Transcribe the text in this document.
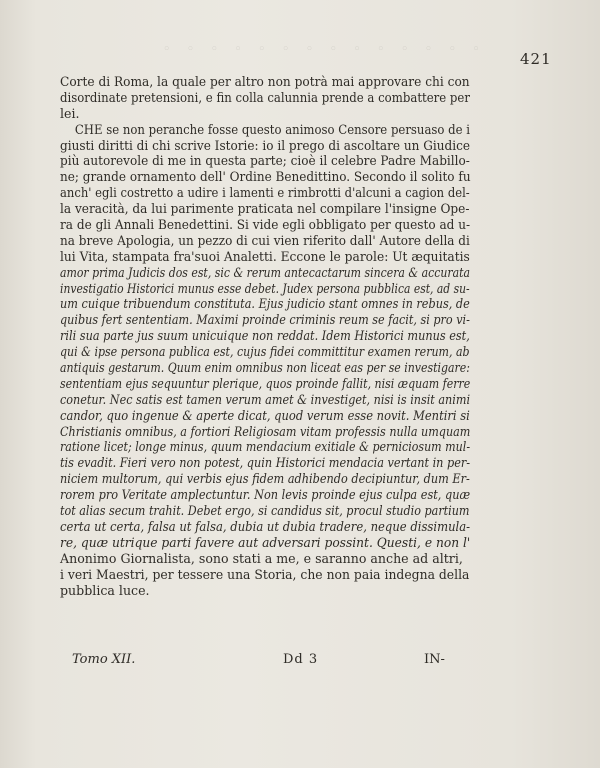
◦ ◦ ◦ ◦ ◦ ◦ ◦ ◦ ◦ ◦ ◦ ◦ ◦ ◦
421
Corte di Roma, la quale per altro non potrà mai approvare chi con
disordinate pretensioni, e fin colla calunnia prende a combattere per
lei.
CHE se non peranche fosse questo animoso Censore persuaso de i
giusti diritti di chi scrive Istorie: io il prego di ascoltare un Giudice
più autorevole di me in questa parte; cioè il celebre Padre Mabillo-
ne; grande ornamento dell' Ordine Benedittino. Secondo il solito fu
anch' egli costretto a udire i lamenti e rimbrotti d'alcuni a cagion del-
la veracità, da lui parimente praticata nel compilare l'insigne Ope-
ra de gli Annali Benedettini. Si vide egli obbligato per questo ad u-
na breve Apologia, un pezzo di cui vien riferito dall' Autore della di
lui Vita, stampata fra'suoi Analetti. Eccone le parole: Ut æquitatis
amor prima Judicis dos est, sic & rerum antecactarum sincera & accurata
investigatio Historici munus esse debet. Judex persona pubblica est, ad su-
um cuique tribuendum constituta. Ejus judicio stant omnes in rebus, de
quibus fert sententiam. Maximi proinde criminis reum se facit, si pro vi-
rili sua parte jus suum unicuique non reddat. Idem Historici munus est,
qui & ipse persona publica est, cujus fidei committitur examen rerum, ab
antiquis gestarum. Quum enim omnibus non liceat eas per se investigare:
sententiam ejus sequuntur plerique, quos proinde fallit, nisi æquam ferre
conetur. Nec satis est tamen verum amet & investiget, nisi is insit animi
candor, quo ingenue & aperte dicat, quod verum esse novit. Mentiri si
Christianis omnibus, a fortiori Religiosam vitam professis nulla umquam
ratione licet; longe minus, quum mendacium exitiale & perniciosum mul-
tis evadit. Fieri vero non potest, quin Historici mendacia vertant in per-
niciem multorum, qui verbis ejus fidem adhibendo decipiuntur, dum Er-
rorem pro Veritate amplectuntur. Non levis proinde ejus culpa est, quæ
tot alias secum trahit. Debet ergo, si candidus sit, procul studio partium
certa ut certa, falsa ut falsa, dubia ut dubia tradere, neque dissimula-
re, quæ utrique parti favere aut adversari possint. Questi, e non l'
Anonimo Giornalista, sono stati a me, e saranno anche ad altri,
i veri Maestri, per tessere una Storia, che non paia indegna della
pubblica luce.
Tomo XII.	Dd 3	IN-
